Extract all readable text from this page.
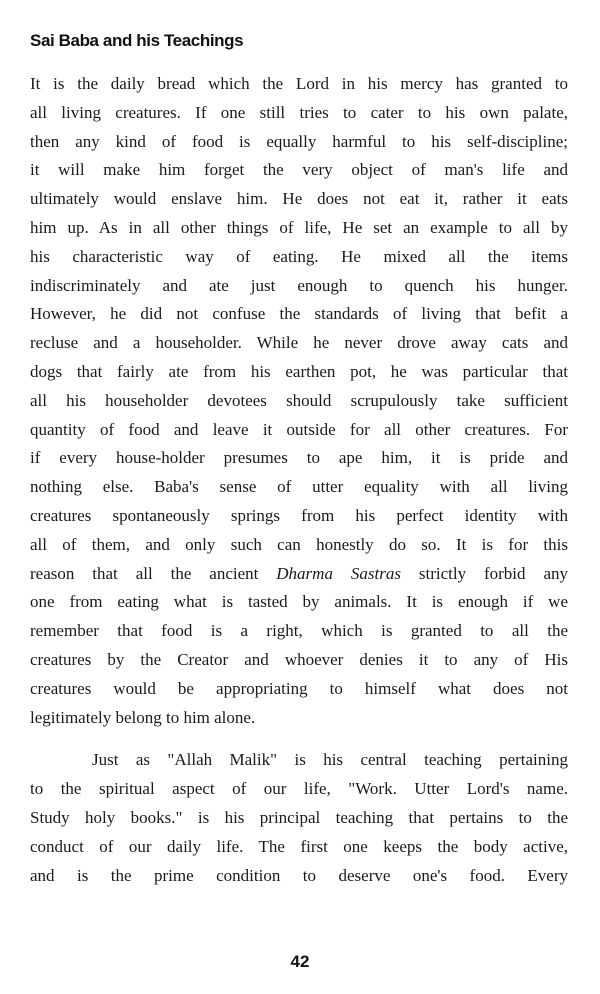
Sai Baba and his Teachings
It is the daily bread which the Lord in his mercy has granted to
all living creatures. If one still tries to cater to his own palate,
then any kind of food is equally harmful to his self-discipline;
it will make him forget the very object of man's life and
ultimately would enslave him. He does not eat it, rather it eats
him up. As in all other things of life, He set an example to all by
his characteristic way of eating. He mixed all the items
indiscriminately and ate just enough to quench his hunger.
However, he did not confuse the standards of living that befit a
recluse and a householder. While he never drove away cats and
dogs that fairly ate from his earthen pot, he was particular that
all his householder devotees should scrupulously take sufficient
quantity of food and leave it outside for all other creatures. For
if every house-holder presumes to ape him, it is pride and
nothing else. Baba's sense of utter equality with all living
creatures spontaneously springs from his perfect identity with
all of them, and only such can honestly do so. It is for this
reason that all the ancient Dharma Sastras strictly forbid any
one from eating what is tasted by animals. It is enough if we
remember that food is a right, which is granted to all the
creatures by the Creator and whoever denies it to any of His
creatures would be appropriating to himself what does not
legitimately belong to him alone.
Just as "Allah Malik" is his central teaching pertaining
to the spiritual aspect of our life, "Work. Utter Lord's name.
Study holy books." is his principal teaching that pertains to the
conduct of our daily life. The first one keeps the body active,
and is the prime condition to deserve one's food. Every
42
